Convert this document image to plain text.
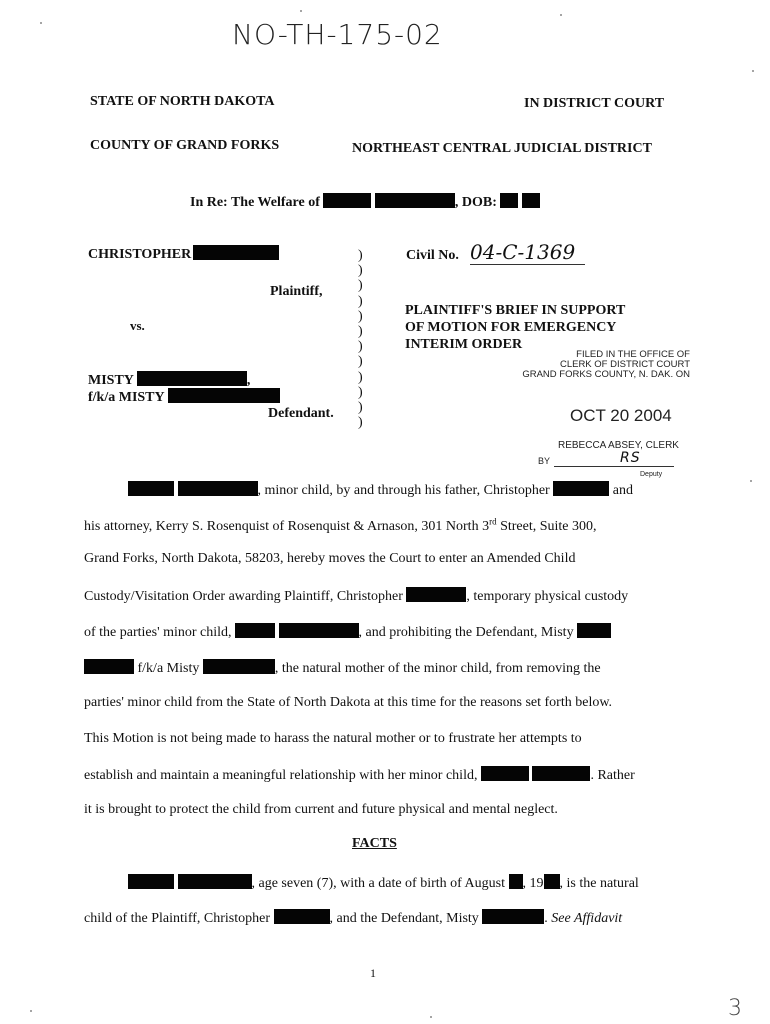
NO-TH-175-02
STATE OF NORTH DAKOTA	IN DISTRICT COURT
COUNTY OF GRAND FORKS	NORTHEAST CENTRAL JUDICIAL DISTRICT
In Re: The Welfare of	, DOB:
CHRISTOPHER
Plaintiff,
vs.
MISTY	,
f/k/a MISTY
Defendant.
)
)
)
)
)
)
)
)
)
)
)
)
Civil No. 04-C-1369
PLAINTIFF'S BRIEF IN SUPPORT
OF MOTION FOR EMERGENCY
INTERIM ORDER
FILED IN THE OFFICE OF
CLERK OF DISTRICT COURT
GRAND FORKS COUNTY, N. DAK. ON
OCT 20 2004
REBECCA ABSEY, CLERK
BY	RS
Deputy
, minor child, by and through his father, Christopher	and
his attorney, Kerry S. Rosenquist of Rosenquist & Arnason, 301 North 3rd Street, Suite 300,
Grand Forks, North Dakota, 58203, hereby moves the Court to enter an Amended Child
Custody/Visitation Order awarding Plaintiff, Christopher	, temporary physical custody
of the parties' minor child,	, and prohibiting the Defendant, Misty
f/k/a Misty	, the natural mother of the minor child, from removing the
parties' minor child from the State of North Dakota at this time for the reasons set forth below.
This Motion is not being made to harass the natural mother or to frustrate her attempts to
establish and maintain a meaningful relationship with her minor child,	. Rather
it is brought to protect the child from current and future physical and mental neglect.
FACTS
, age seven (7), with a date of birth of August , 19 , is the natural
child of the Plaintiff, Christopher	, and the Defendant, Misty	. See Affidavit
1
3
